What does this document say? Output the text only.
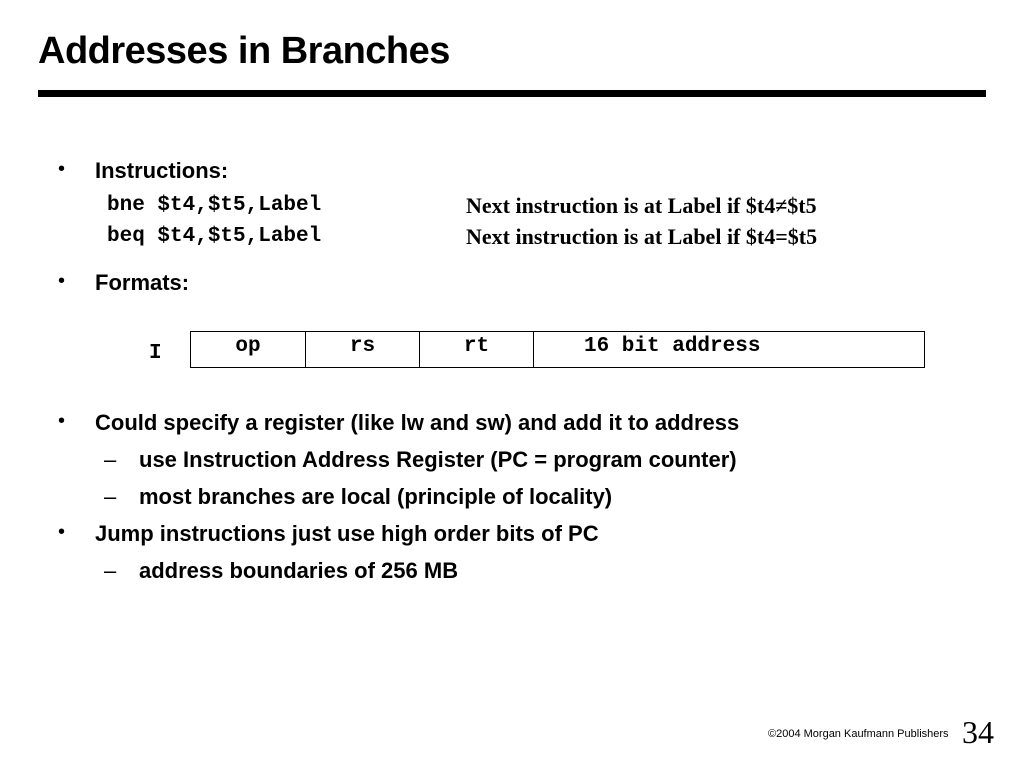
Addresses in Branches
• Instructions:
bne $t4,$t5,Label	Next instruction is at Label if $t4≠$t5
beq $t4,$t5,Label	Next instruction is at Label if $t4=$t5
• Formats:
I	op	rs	rt	16 bit address
• Could specify a register (like lw and sw) and add it to address
– use Instruction Address Register (PC = program counter)
– most branches are local (principle of locality)
• Jump instructions just use high order bits of PC
– address boundaries of 256 MB
©2004 Morgan Kaufmann Publishers 34
